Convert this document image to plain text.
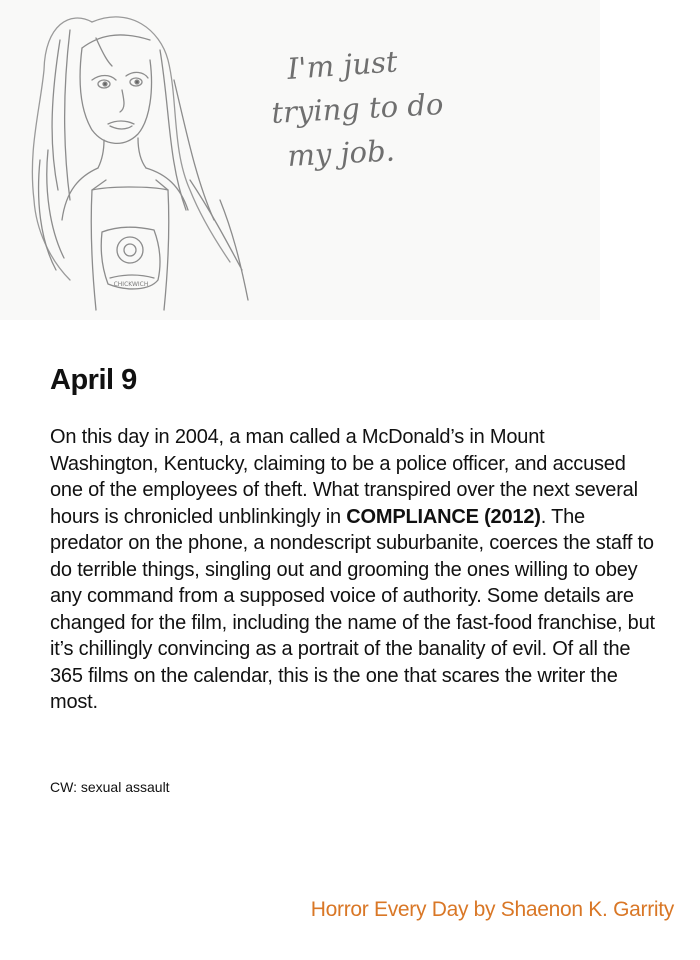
CHICKWICH
I'm just
trying to do
my job.
April 9

On this day in 2004, a man called a McDonald’s in Mount Washington, Kentucky, claiming to be a police officer, and accused one of the employees of theft. What transpired over the next several hours is chronicled unblinkingly in COMPLIANCE (2012). The predator on the phone, a nondescript suburbanite, coerces the staff to do terrible things, singling out and grooming the ones willing to obey any command from a supposed voice of authority. Some details are changed for the film, including the name of the fast-food franchise, but it’s chillingly convincing as a portrait of the banality of evil. Of all the 365 films on the calendar, this is the one that scares the writer the most.

CW: sexual assault

Horror Every Day by Shaenon K. Garrity
